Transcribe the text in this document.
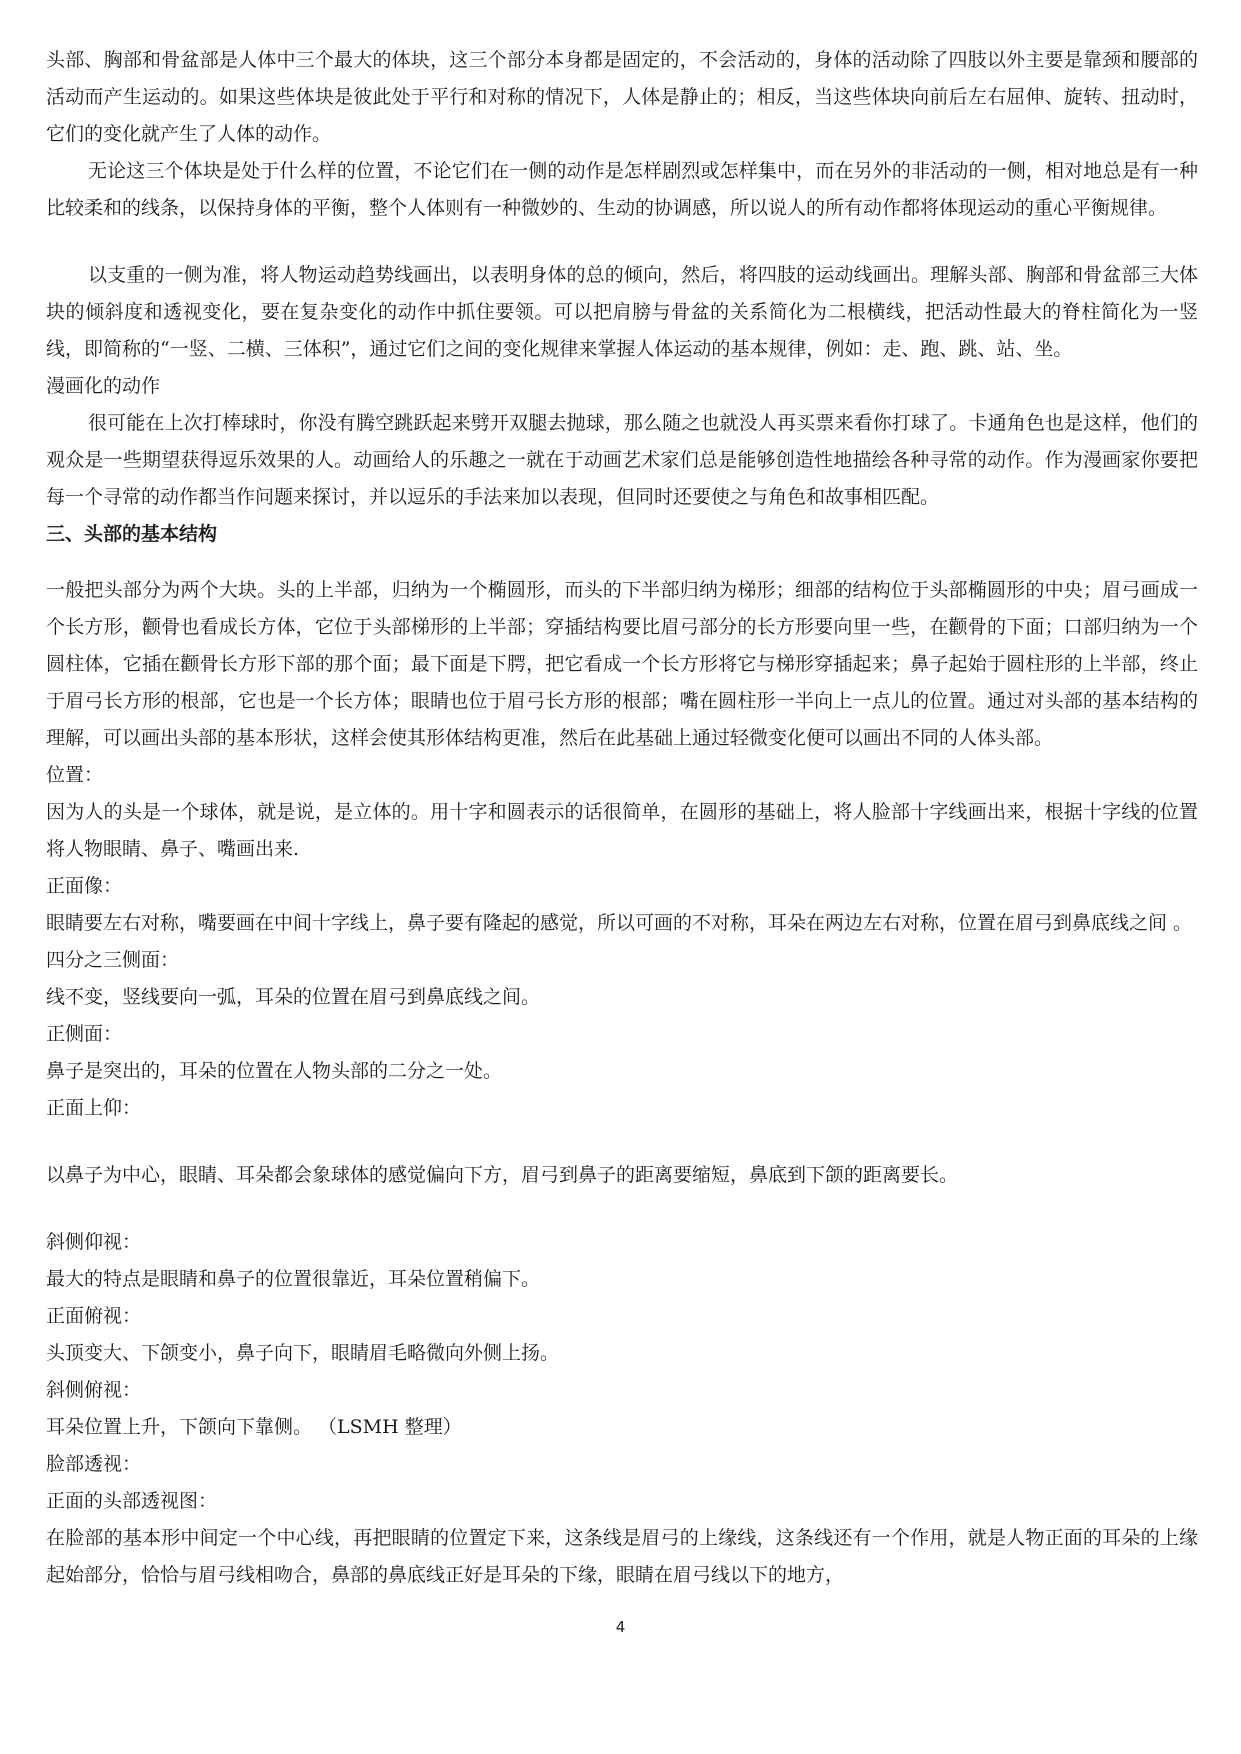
头部、胸部和骨盆部是人体中三个最大的体块，这三个部分本身都是固定的，不会活动的，身体的活动除了四肢以外主要是靠颈和腰部的活动而产生运动的。如果这些体块是彼此处于平行和对称的情况下，人体是静止的；相反，当这些体块向前后左右屈伸、旋转、扭动时，它们的变化就产生了人体的动作。

无论这三个体块是处于什么样的位置，不论它们在一侧的动作是怎样剧烈或怎样集中，而在另外的非活动的一侧，相对地总是有一种比较柔和的线条，以保持身体的平衡，整个人体则有一种微妙的、生动的协调感，所以说人的所有动作都将体现运动的重心平衡规律。

以支重的一侧为准，将人物运动趋势线画出，以表明身体的总的倾向，然后，将四肢的运动线画出。理解头部、胸部和骨盆部三大体块的倾斜度和透视变化，要在复杂变化的动作中抓住要领。可以把肩膀与骨盆的关系简化为二根横线，把活动性最大的脊柱简化为一竖线，即简称的“一竖、二横、三体积”，通过它们之间的变化规律来掌握人体运动的基本规律，例如：走、跑、跳、站、坐。

漫画化的动作

很可能在上次打棒球时，你没有腾空跳跃起来劈开双腿去抛球，那么随之也就没人再买票来看你打球了。卡通角色也是这样，他们的观众是一些期望获得逗乐效果的人。动画给人的乐趣之一就在于动画艺术家们总是能够创造性地描绘各种寻常的动作。作为漫画家你要把每一个寻常的动作都当作问题来探讨，并以逗乐的手法来加以表现，但同时还要使之与角色和故事相匹配。

三、头部的基本结构

一般把头部分为两个大块。头的上半部，归纳为一个椭圆形，而头的下半部归纳为梯形；细部的结构位于头部椭圆形的中央；眉弓画成一个长方形，颧骨也看成长方体，它位于头部梯形的上半部；穿插结构要比眉弓部分的长方形要向里一些，在颧骨的下面；口部归纳为一个圆柱体，它插在颧骨长方形下部的那个面；最下面是下腭，把它看成一个长方形将它与梯形穿插起来；鼻子起始于圆柱形的上半部，终止于眉弓长方形的根部，它也是一个长方体；眼睛也位于眉弓长方形的根部；嘴在圆柱形一半向上一点儿的位置。通过对头部的基本结构的理解，可以画出头部的基本形状，这样会使其形体结构更准，然后在此基础上通过轻微变化便可以画出不同的人体头部。

位置：

因为人的头是一个球体，就是说，是立体的。用十字和圆表示的话很简单，在圆形的基础上，将人脸部十字线画出来，根据十字线的位置将人物眼睛、鼻子、嘴画出来.

正面像：

眼睛要左右对称，嘴要画在中间十字线上，鼻子要有隆起的感觉，所以可画的不对称，耳朵在两边左右对称，位置在眉弓到鼻底线之间 。

四分之三侧面：

线不变，竖线要向一弧，耳朵的位置在眉弓到鼻底线之间。

正侧面：

鼻子是突出的，耳朵的位置在人物头部的二分之一处。

正面上仰：

以鼻子为中心，眼睛、耳朵都会象球体的感觉偏向下方，眉弓到鼻子的距离要缩短，鼻底到下颌的距离要长。

斜侧仰视：

最大的特点是眼睛和鼻子的位置很靠近，耳朵位置稍偏下。

正面俯视：

头顶变大、下颌变小，鼻子向下，眼睛眉毛略微向外侧上扬。

斜侧俯视：

耳朵位置上升，下颌向下靠侧。 （LSMH 整理）

脸部透视：

正面的头部透视图：

在脸部的基本形中间定一个中心线，再把眼睛的位置定下来，这条线是眉弓的上缘线，这条线还有一个作用，就是人物正面的耳朵的上缘起始部分，恰恰与眉弓线相吻合，鼻部的鼻底线正好是耳朵的下缘，眼睛在眉弓线以下的地方，

4
